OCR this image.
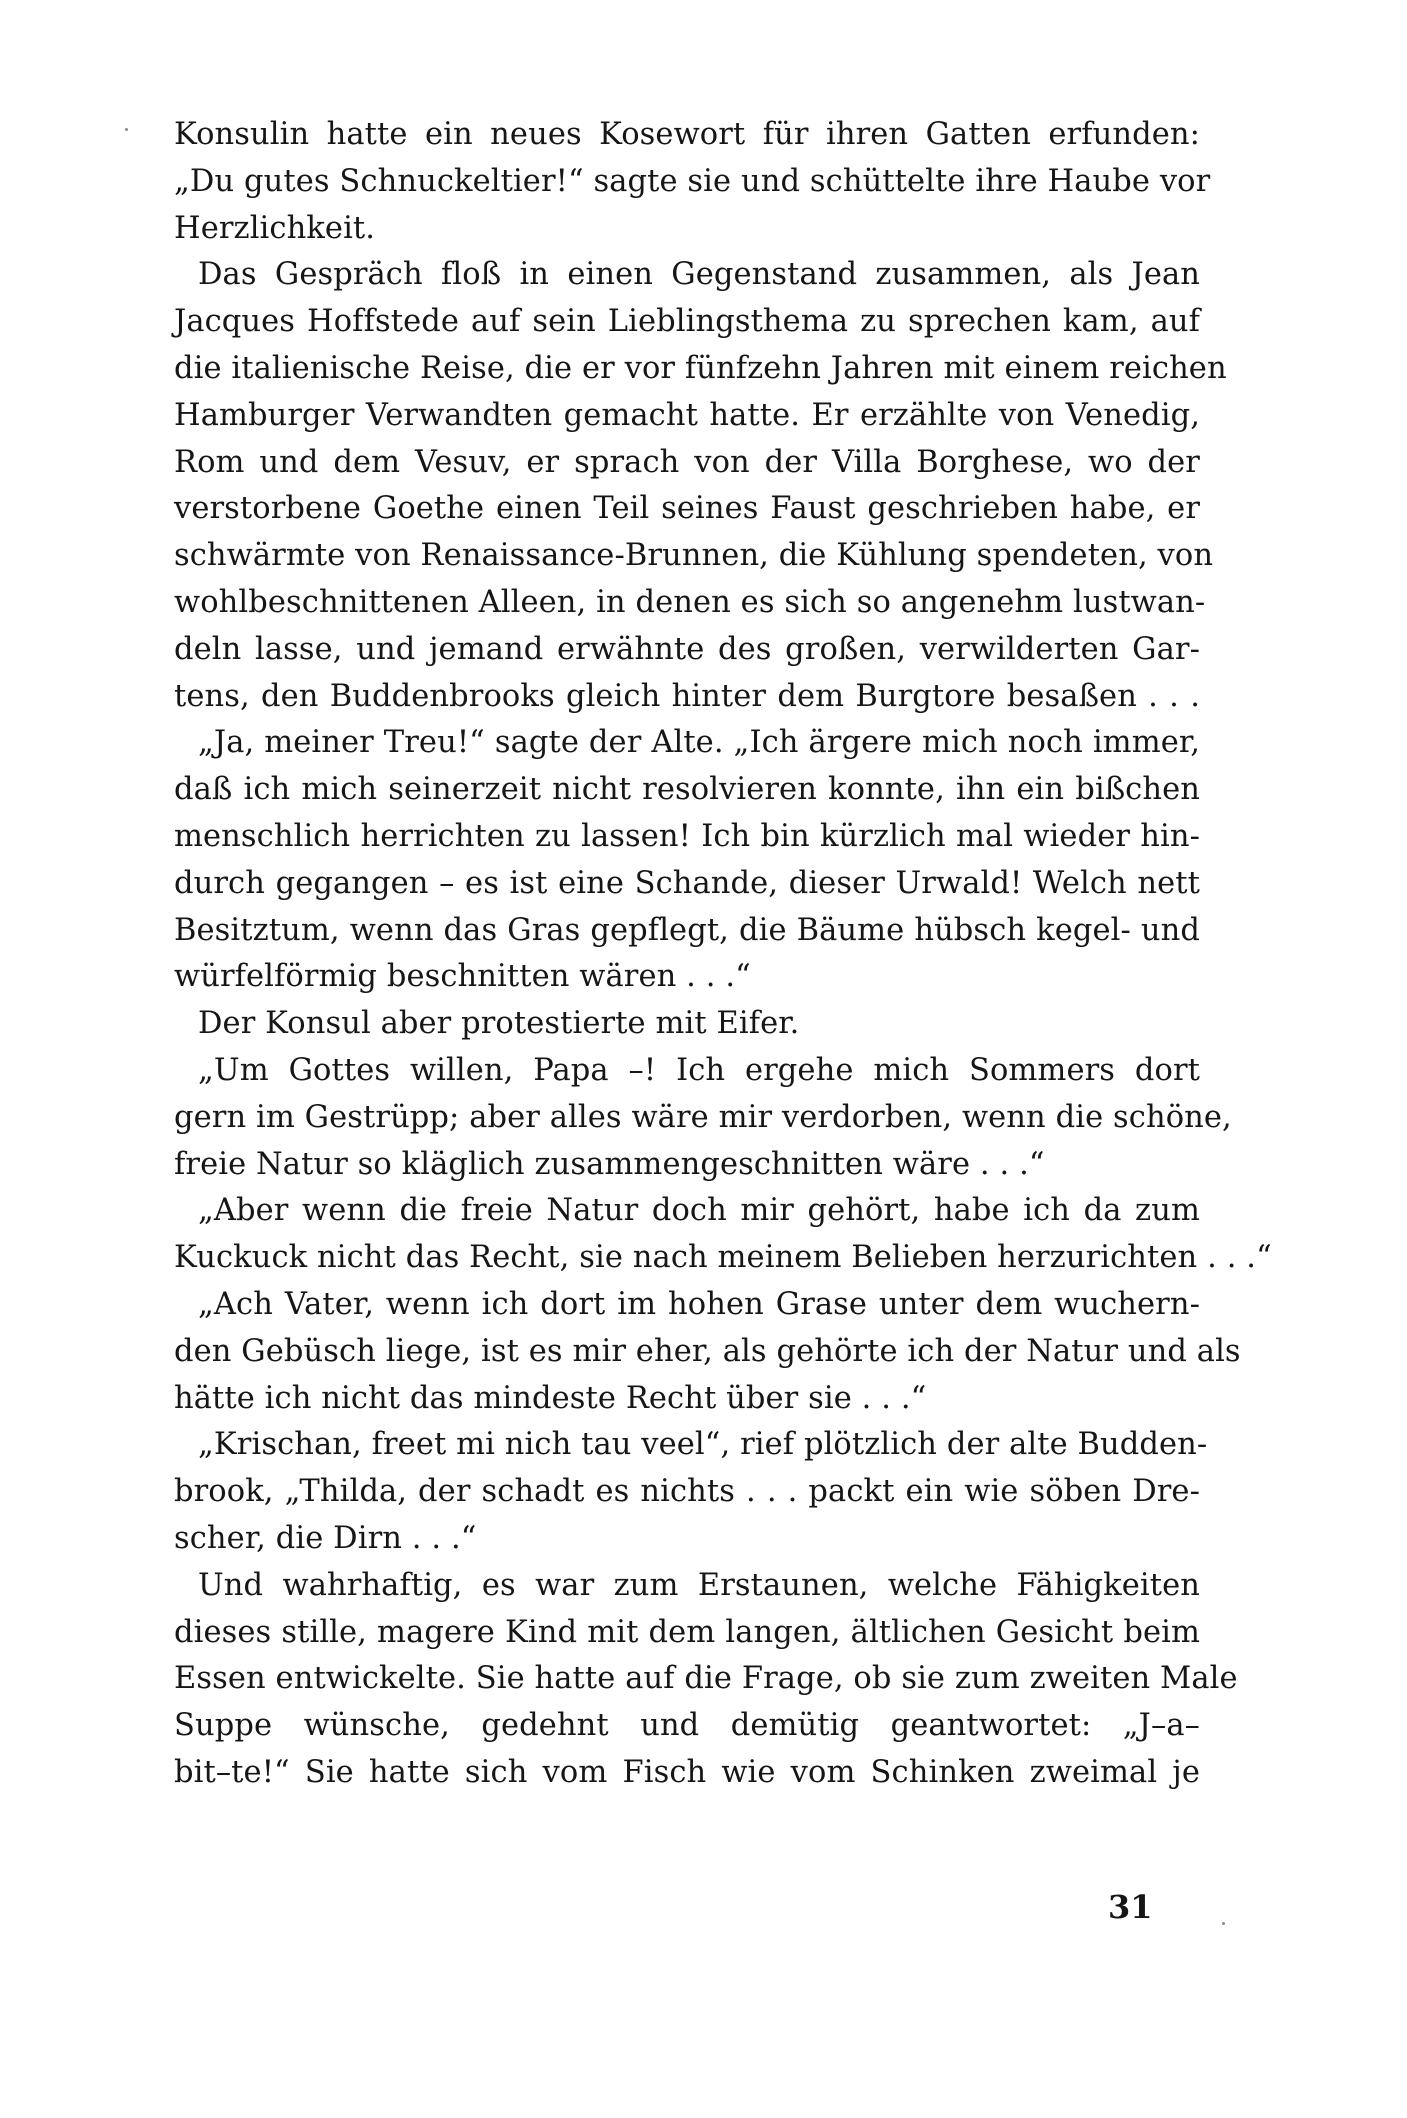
Konsulin hatte ein neues Kosewort für ihren Gatten erfunden:
„Du gutes Schnuckeltier!“ sagte sie und schüttelte ihre Haube vor
Herzlichkeit.

Das Gespräch floß in einen Gegenstand zusammen, als Jean
Jacques Hoffstede auf sein Lieblingsthema zu sprechen kam, auf
die italienische Reise, die er vor fünfzehn Jahren mit einem reichen
Hamburger Verwandten gemacht hatte. Er erzählte von Venedig,
Rom und dem Vesuv, er sprach von der Villa Borghese, wo der
verstorbene Goethe einen Teil seines Faust geschrieben habe, er
schwärmte von Renaissance-Brunnen, die Kühlung spendeten, von
wohlbeschnittenen Alleen, in denen es sich so angenehm lustwan-
deln lasse, und jemand erwähnte des großen, verwilderten Gar-
tens, den Buddenbrooks gleich hinter dem Burgtore besaßen . . .

„Ja, meiner Treu!“ sagte der Alte. „Ich ärgere mich noch immer,
daß ich mich seinerzeit nicht resolvieren konnte, ihn ein bißchen
menschlich herrichten zu lassen! Ich bin kürzlich mal wieder hin-
durch gegangen – es ist eine Schande, dieser Urwald! Welch nett
Besitztum, wenn das Gras gepflegt, die Bäume hübsch kegel- und
würfelförmig beschnitten wären . . .“

Der Konsul aber protestierte mit Eifer.

„Um Gottes willen, Papa –! Ich ergehe mich Sommers dort
gern im Gestrüpp; aber alles wäre mir verdorben, wenn die schöne,
freie Natur so kläglich zusammengeschnitten wäre . . .“

„Aber wenn die freie Natur doch mir gehört, habe ich da zum
Kuckuck nicht das Recht, sie nach meinem Belieben herzurichten . . .“

„Ach Vater, wenn ich dort im hohen Grase unter dem wuchern-
den Gebüsch liege, ist es mir eher, als gehörte ich der Natur und als
hätte ich nicht das mindeste Recht über sie . . .“

„Krischan, freet mi nich tau veel“, rief plötzlich der alte Budden-
brook, „Thilda, der schadt es nichts . . . packt ein wie söben Dre-
scher, die Dirn . . .“

Und wahrhaftig, es war zum Erstaunen, welche Fähigkeiten
dieses stille, magere Kind mit dem langen, ältlichen Gesicht beim
Essen entwickelte. Sie hatte auf die Frage, ob sie zum zweiten Male
Suppe wünsche, gedehnt und demütig geantwortet: „J–a–
bit–te!“ Sie hatte sich vom Fisch wie vom Schinken zweimal je

31
